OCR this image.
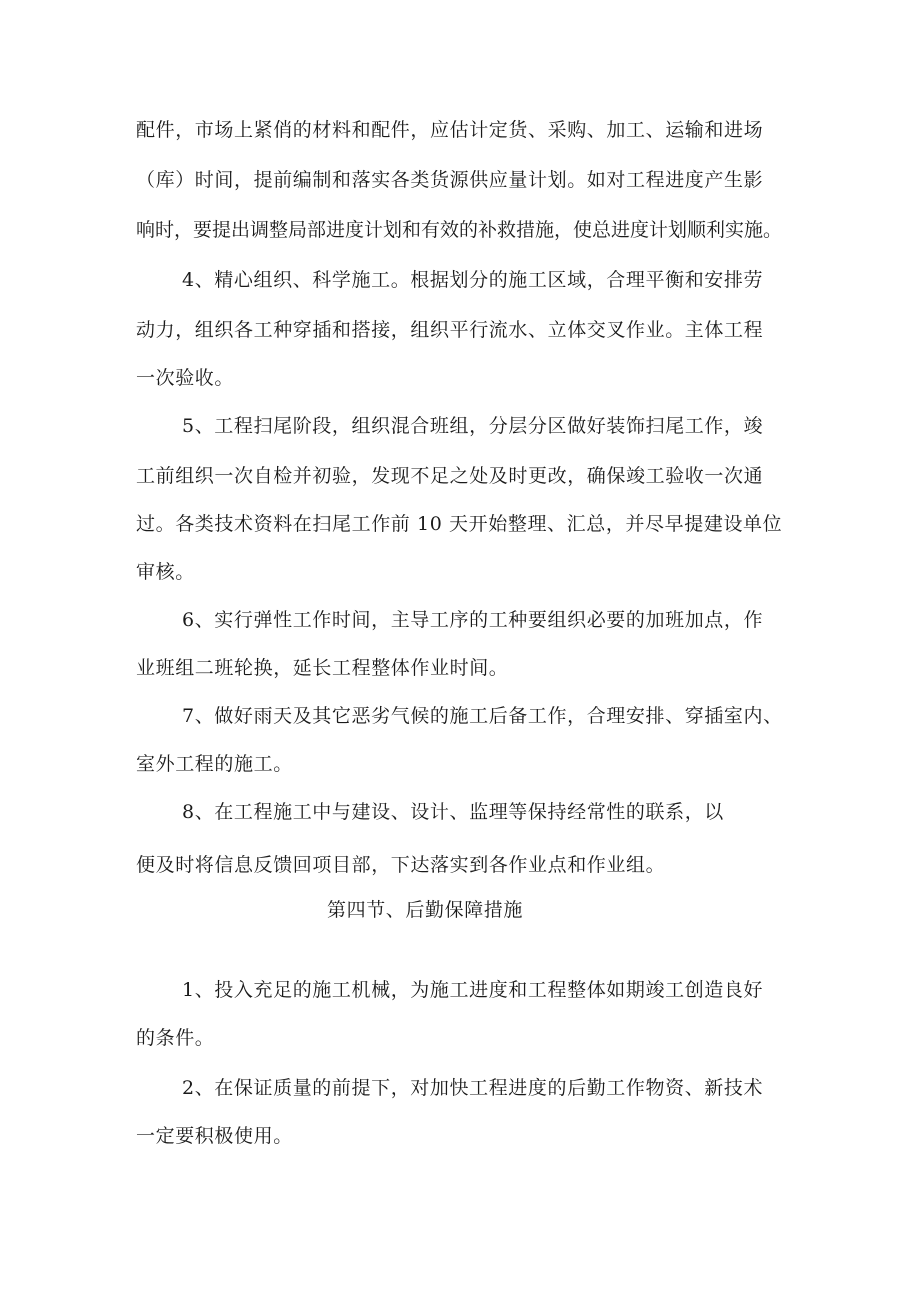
配件，市场上紧俏的材料和配件，应估计定货、采购、加工、运输和进场
（库）时间，提前编制和落实各类货源供应量计划。如对工程进度产生影
响时，要提出调整局部进度计划和有效的补救措施，使总进度计划顺利实施。
4、精心组织、科学施工。根据划分的施工区域，合理平衡和安排劳
动力，组织各工种穿插和搭接，组织平行流水、立体交叉作业。主体工程
一次验收。
5、工程扫尾阶段，组织混合班组，分层分区做好装饰扫尾工作，竣
工前组织一次自检并初验，发现不足之处及时更改，确保竣工验收一次通
过。各类技术资料在扫尾工作前 10 天开始整理、汇总，并尽早提建设单位
审核。
6、实行弹性工作时间，主导工序的工种要组织必要的加班加点，作
业班组二班轮换，延长工程整体作业时间。
7、做好雨天及其它恶劣气候的施工后备工作，合理安排、穿插室内、
室外工程的施工。
8、在工程施工中与建设、设计、监理等保持经常性的联系，以
便及时将信息反馈回项目部，下达落实到各作业点和作业组。
第四节、后勤保障措施
1、投入充足的施工机械，为施工进度和工程整体如期竣工创造良好
的条件。
2、在保证质量的前提下，对加快工程进度的后勤工作物资、新技术
一定要积极使用。
